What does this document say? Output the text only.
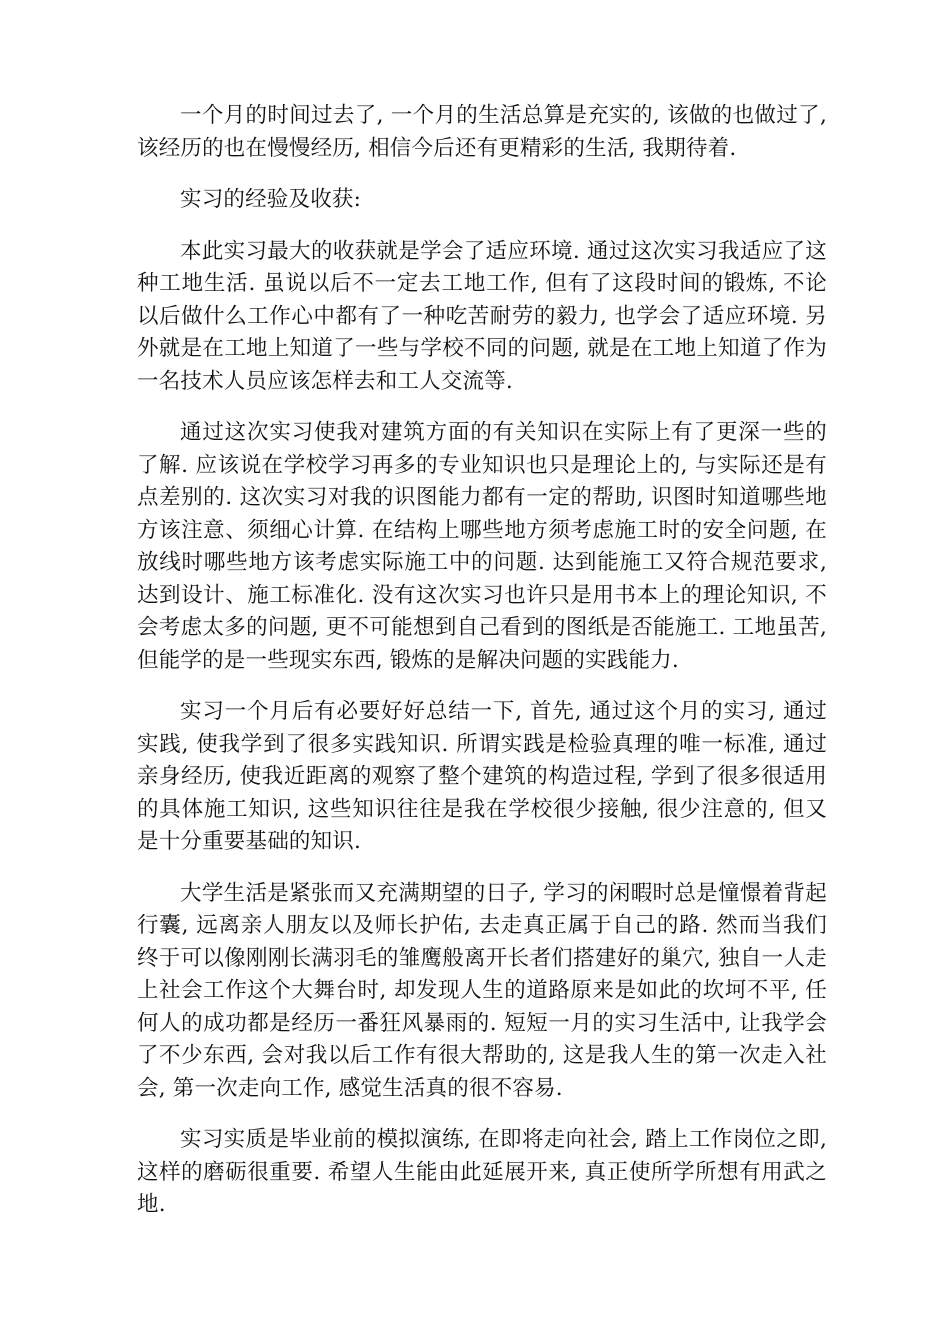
一个月的时间过去了, 一个月的生活总算是充实的, 该做的也做过了, 该经历的也在慢慢经历, 相信今后还有更精彩的生活, 我期待着.

实习的经验及收获:

本此实习最大的收获就是学会了适应环境. 通过这次实习我适应了这种工地生活. 虽说以后不一定去工地工作, 但有了这段时间的锻炼, 不论以后做什么工作心中都有了一种吃苦耐劳的毅力, 也学会了适应环境. 另外就是在工地上知道了一些与学校不同的问题, 就是在工地上知道了作为一名技术人员应该怎样去和工人交流等.

通过这次实习使我对建筑方面的有关知识在实际上有了更深一些的了解. 应该说在学校学习再多的专业知识也只是理论上的, 与实际还是有点差别的. 这次实习对我的识图能力都有一定的帮助, 识图时知道哪些地方该注意、须细心计算. 在结构上哪些地方须考虑施工时的安全问题, 在放线时哪些地方该考虑实际施工中的问题. 达到能施工又符合规范要求, 达到设计、施工标准化. 没有这次实习也许只是用书本上的理论知识, 不会考虑太多的问题, 更不可能想到自己看到的图纸是否能施工. 工地虽苦, 但能学的是一些现实东西, 锻炼的是解决问题的实践能力.

实习一个月后有必要好好总结一下, 首先, 通过这个月的实习, 通过实践, 使我学到了很多实践知识. 所谓实践是检验真理的唯一标准, 通过亲身经历, 使我近距离的观察了整个建筑的构造过程, 学到了很多很适用的具体施工知识, 这些知识往往是我在学校很少接触, 很少注意的, 但又是十分重要基础的知识.

大学生活是紧张而又充满期望的日子, 学习的闲暇时总是憧憬着背起行囊, 远离亲人朋友以及师长护佑, 去走真正属于自己的路. 然而当我们终于可以像刚刚长满羽毛的雏鹰般离开长者们搭建好的巢穴, 独自一人走上社会工作这个大舞台时, 却发现人生的道路原来是如此的坎坷不平, 任何人的成功都是经历一番狂风暴雨的. 短短一月的实习生活中, 让我学会了不少东西, 会对我以后工作有很大帮助的, 这是我人生的第一次走入社会, 第一次走向工作, 感觉生活真的很不容易.

实习实质是毕业前的模拟演练, 在即将走向社会, 踏上工作岗位之即, 这样的磨砺很重要. 希望人生能由此延展开来, 真正使所学所想有用武之地.
